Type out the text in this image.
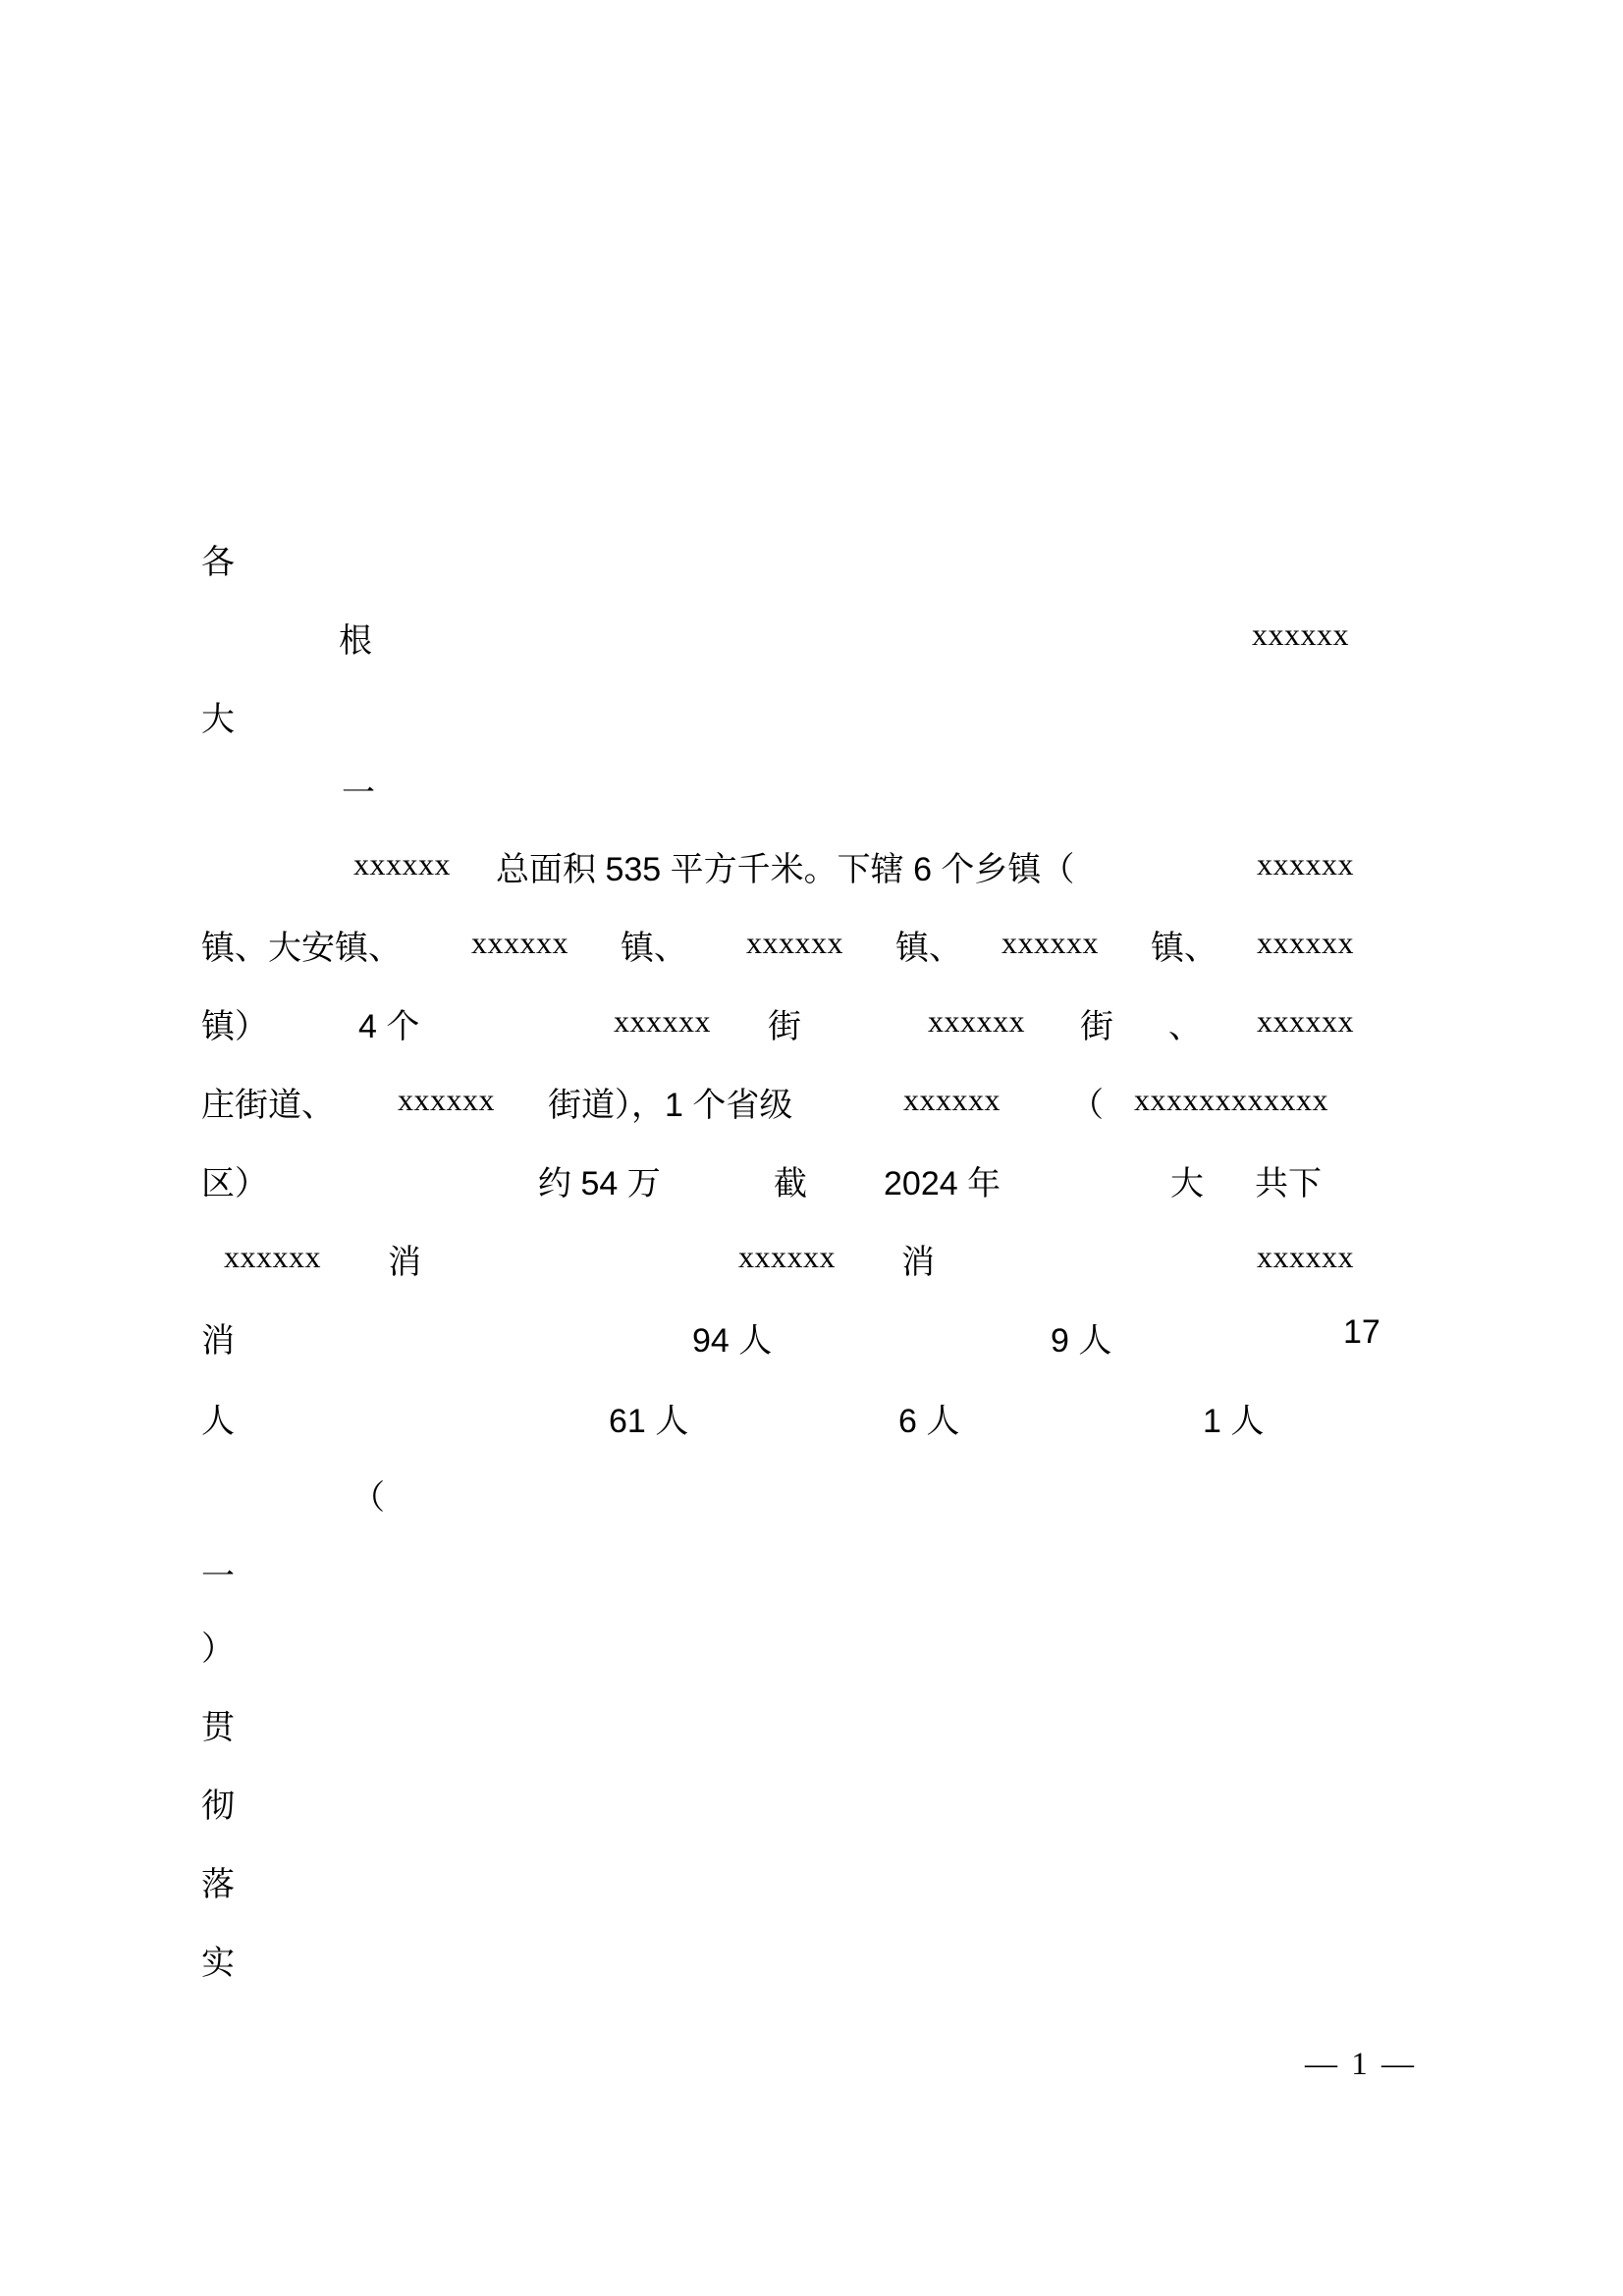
各
根	xxxxxx
大
一
xxxxxx 总面积 535 平方千米。下辖 6 个乡镇（	xxxxxx
镇、大安镇、 xxxxxx 镇、 xxxxxx 镇、 xxxxxx 镇、 xxxxxx
镇）	4 个	xxxxxx 街	xxxxxx 街 、 xxxxxx
庄街道、 xxxxxx 街道），1 个省级	xxxxxx （ xxxxxxxxxxxx
区）	约 54 万	截 2024 年	大 共下
xxxxxx 消	xxxxxx 消	xxxxxx
消	94 人	9 人	17
人	61 人	6 人	1 人
（
一
）
贯
彻
落
实
— 1 —
